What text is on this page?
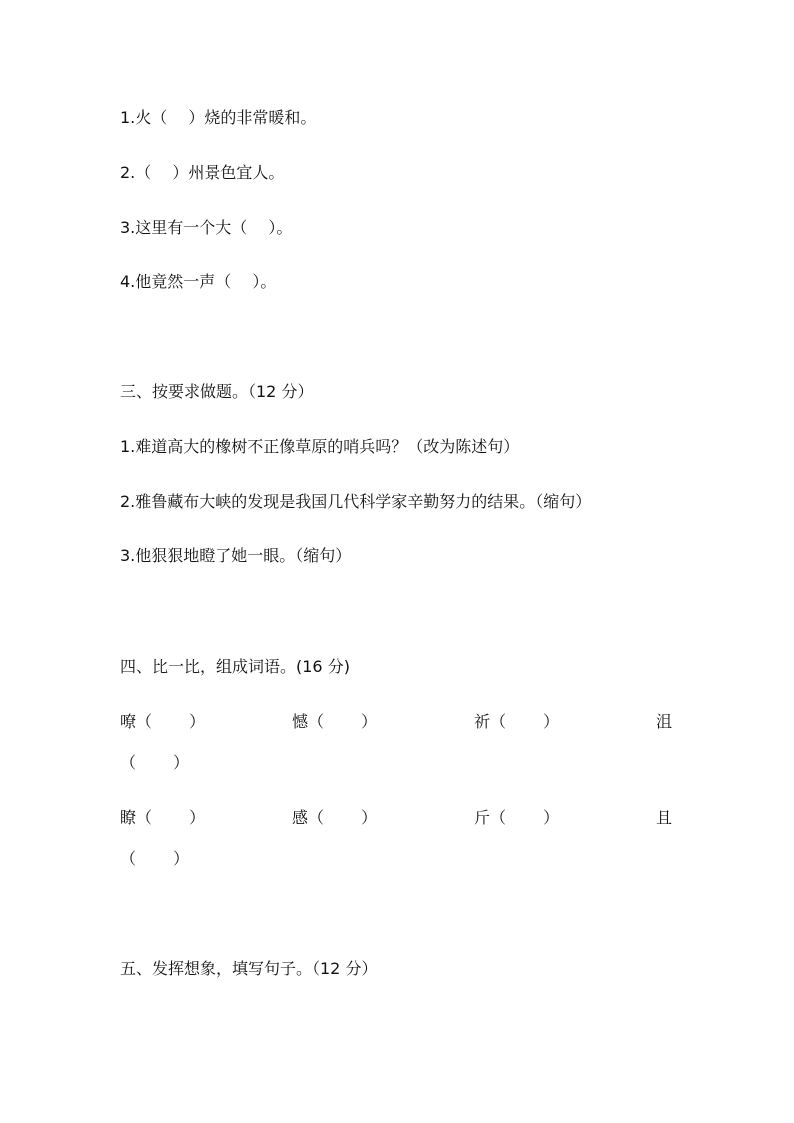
1.火（　 ）烧的非常暖和。
2.（　 ）州景色宜人。
3.这里有一个大（　 ）。
4.他竟然一声（　 ）。
三、按要求做题。（12 分）
1.难道高大的橡树不正像草原的哨兵吗？（改为陈述句）
2.雅鲁藏布大峡的发现是我国几代科学家辛勤努力的结果。（缩句）
3.他狠狠地瞪了她一眼。（缩句）
四、比一比，组成词语。(16 分)
嘹（　　 ）	憾（　　 ）	祈（　　 ）	沮
（　　 ）
瞭（　　 ）	感（　　 ）	斤（　　 ）	且
（　　 ）
五、发挥想象，填写句子。（12 分）
